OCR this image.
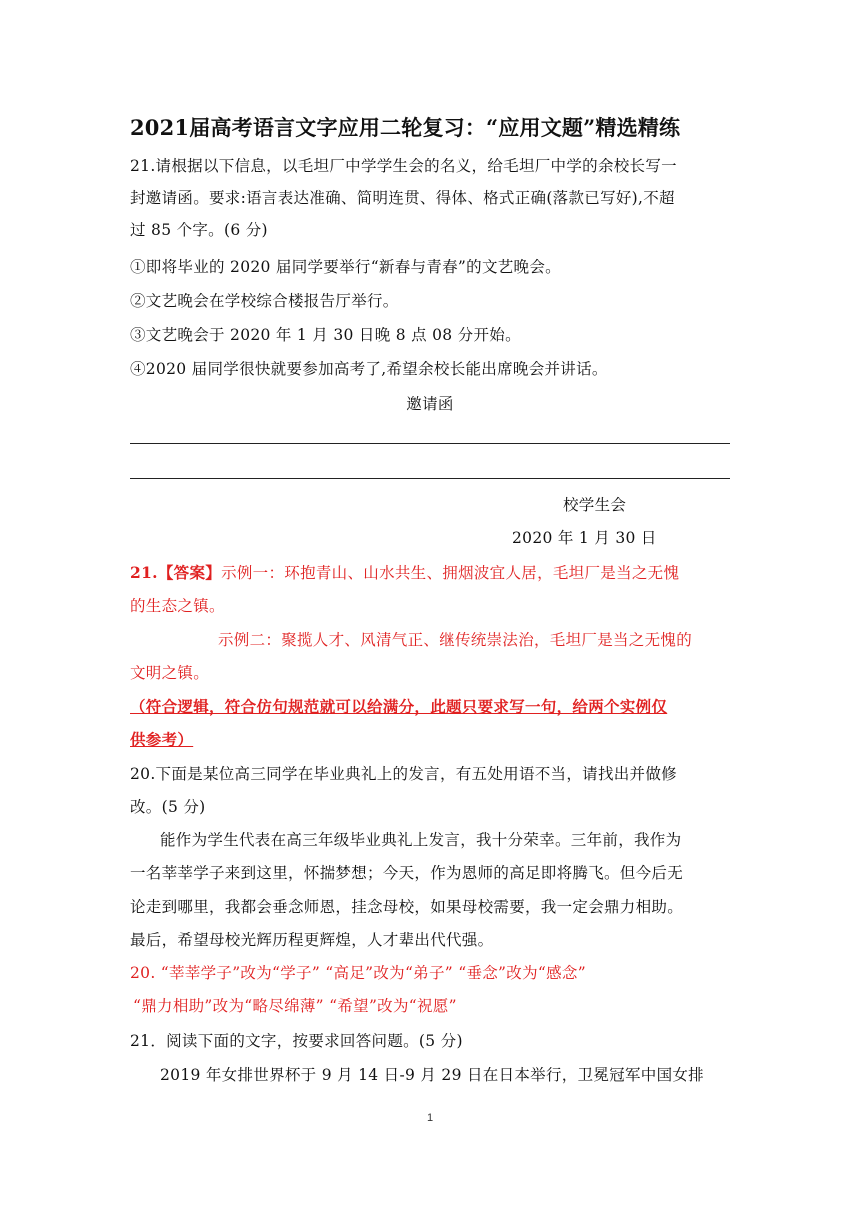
2021届高考语言文字应用二轮复习：“应用文题”精选精练
21.请根据以下信息，以毛坦厂中学学生会的名义，给毛坦厂中学的余校长写一
封邀请函。要求:语言表达准确、简明连贯、得体、格式正确(落款已写好),不超
过 85 个字。(6 分)
①即将毕业的 2020 届同学要举行“新春与青春”的文艺晚会。
②文艺晚会在学校综合楼报告厅举行。
③文艺晚会于 2020 年 1 月 30 日晚 8 点 08 分开始。
④2020 届同学很快就要参加高考了,希望余校长能出席晚会并讲话。
邀请函
校学生会
2020 年 1 月 30 日
21.【答案】示例一：环抱青山、山水共生、拥烟波宜人居，毛坦厂是当之无愧
的生态之镇。
示例二：聚揽人才、风清气正、继传统崇法治，毛坦厂是当之无愧的
文明之镇。
（符合逻辑，符合仿句规范就可以给满分，此题只要求写一句，给两个实例仅
供参考）
20.下面是某位高三同学在毕业典礼上的发言，有五处用语不当，请找出并做修
改。(5 分)
能作为学生代表在高三年级毕业典礼上发言，我十分荣幸。三年前，我作为
一名莘莘学子来到这里，怀揣梦想；今天，作为恩师的高足即将腾飞。但今后无
论走到哪里，我都会垂念师恩，挂念母校，如果母校需要，我一定会鼎力相助。
最后，希望母校光辉历程更辉煌，人才辈出代代强。
20. “莘莘学子”改为“学子” “高足”改为“弟子” “垂念”改为“感念”
“鼎力相助”改为“略尽绵薄” “希望”改为“祝愿”
21．阅读下面的文字，按要求回答问题。(5 分)
2019 年女排世界杯于 9 月 14 日-9 月 29 日在日本举行，卫冕冠军中国女排
1
